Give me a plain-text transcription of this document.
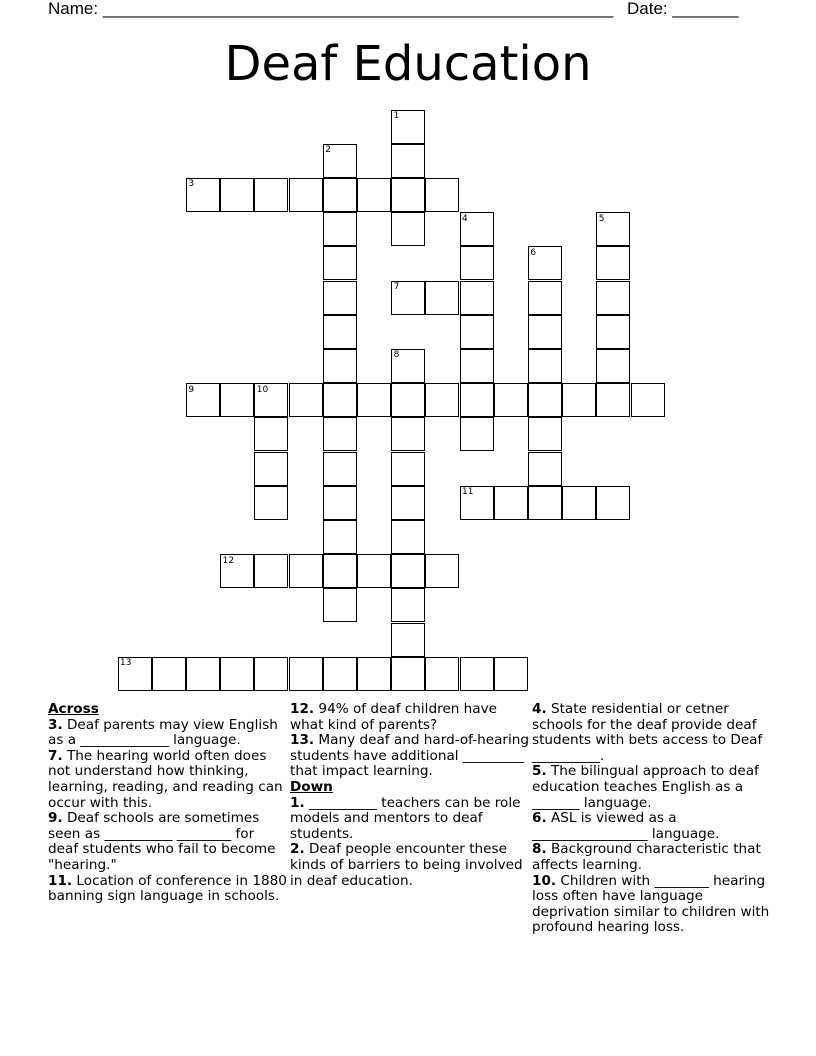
Name: ______________________________________________________ Date: _______
Deaf Education
1
2
3
4	5
6
7
8
9	10
11
12
13
Across
3. Deaf parents may view English as a _____________ language.
7. The hearing world often does not understand how thinking, learning, reading, and reading can occur with this.
9. Deaf schools are sometimes seen as __________ ________ for deaf students who fail to become "hearing."
11. Location of conference in 1880 banning sign language in schools.
12. 94% of deaf children have what kind of parents?
13. Many deaf and hard-of-hearing students have additional _________ that impact learning.
Down
1. __________ teachers can be role models and mentors to deaf students.
2. Deaf people encounter these kinds of barriers to being involved in deaf education.
4. State residential or cetner schools for the deaf provide deaf students with bets access to Deaf __________.
5. The bilingual approach to deaf education teaches English as a _______ language.
6. ASL is viewed as a _________________ language.
8. Background characteristic that affects learning.
10. Children with ________ hearing loss often have language deprivation similar to children with profound hearing loss.
